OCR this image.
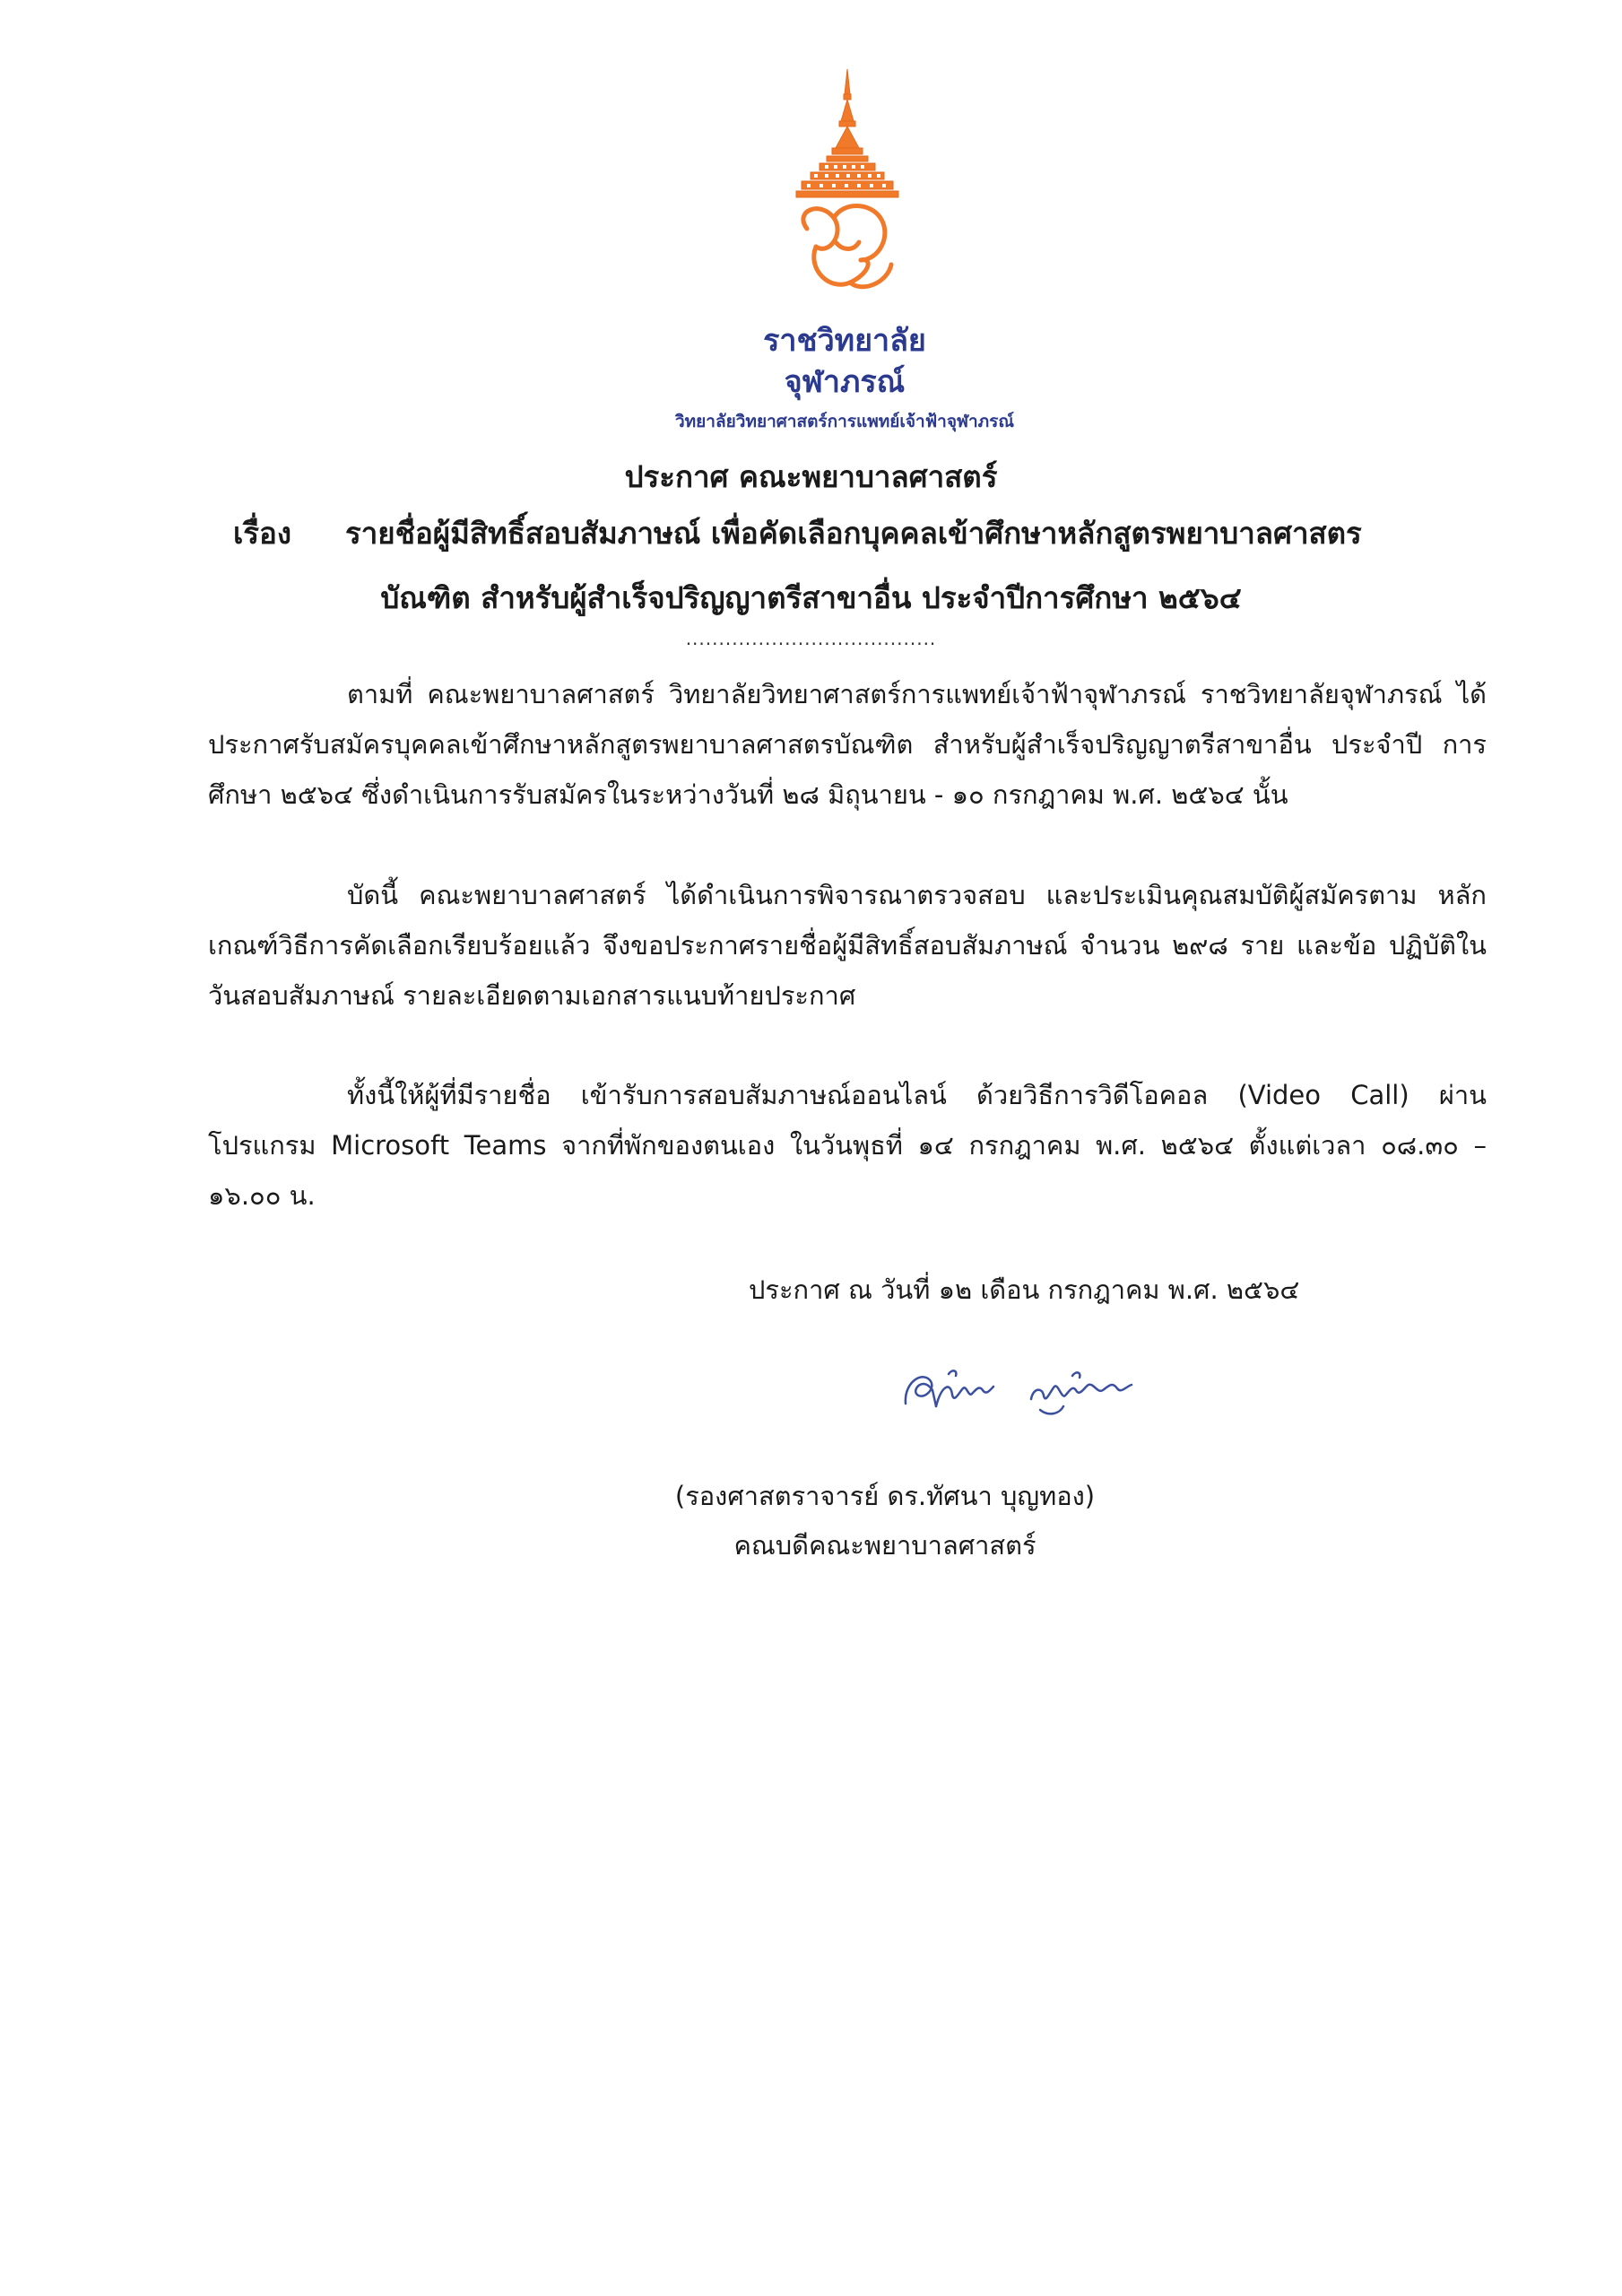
ราชวิทยาลัย
จุฬาภรณ์
วิทยาลัยวิทยาศาสตร์การแพทย์เจ้าฟ้าจุฬาภรณ์
ประกาศ คณะพยาบาลศาสตร์
เรื่อง รายชื่อผู้มีสิทธิ์สอบสัมภาษณ์ เพื่อคัดเลือกบุคคลเข้าศึกษาหลักสูตรพยาบาลศาสตร
บัณฑิต สำหรับผู้สำเร็จปริญญาตรีสาขาอื่น ประจำปีการศึกษา ๒๕๖๔
......................................
ตามที่ คณะพยาบาลศาสตร์ วิทยาลัยวิทยาศาสตร์การแพทย์เจ้าฟ้าจุฬาภรณ์ ราชวิทยาลัยจุฬาภรณ์ ได้ประกาศรับสมัครบุคคลเข้าศึกษาหลักสูตรพยาบาลศาสตรบัณฑิต สำหรับผู้สำเร็จปริญญาตรีสาขาอื่น ประจำปี การศึกษา ๒๕๖๔ ซึ่งดำเนินการรับสมัครในระหว่างวันที่ ๒๘ มิถุนายน - ๑๐ กรกฎาคม พ.ศ. ๒๕๖๔ นั้น
บัดนี้ คณะพยาบาลศาสตร์ ได้ดำเนินการพิจารณาตรวจสอบ และประเมินคุณสมบัติผู้สมัครตาม หลักเกณฑ์วิธีการคัดเลือกเรียบร้อยแล้ว จึงขอประกาศรายชื่อผู้มีสิทธิ์สอบสัมภาษณ์ จำนวน ๒๙๘ ราย และข้อ ปฏิบัติในวันสอบสัมภาษณ์ รายละเอียดตามเอกสารแนบท้ายประกาศ
ทั้งนี้ให้ผู้ที่มีรายชื่อ เข้ารับการสอบสัมภาษณ์ออนไลน์ ด้วยวิธีการวิดีโอคอล (Video Call) ผ่านโปรแกรม Microsoft Teams จากที่พักของตนเอง ในวันพุธที่ ๑๔ กรกฎาคม พ.ศ. ๒๕๖๔ ตั้งแต่เวลา ๐๘.๓๐ – ๑๖.๐๐ น.
ประกาศ ณ วันที่ ๑๒ เดือน กรกฎาคม พ.ศ. ๒๕๖๔
(รองศาสตราจารย์ ดร.ทัศนา บุญทอง)
คณบดีคณะพยาบาลศาสตร์
